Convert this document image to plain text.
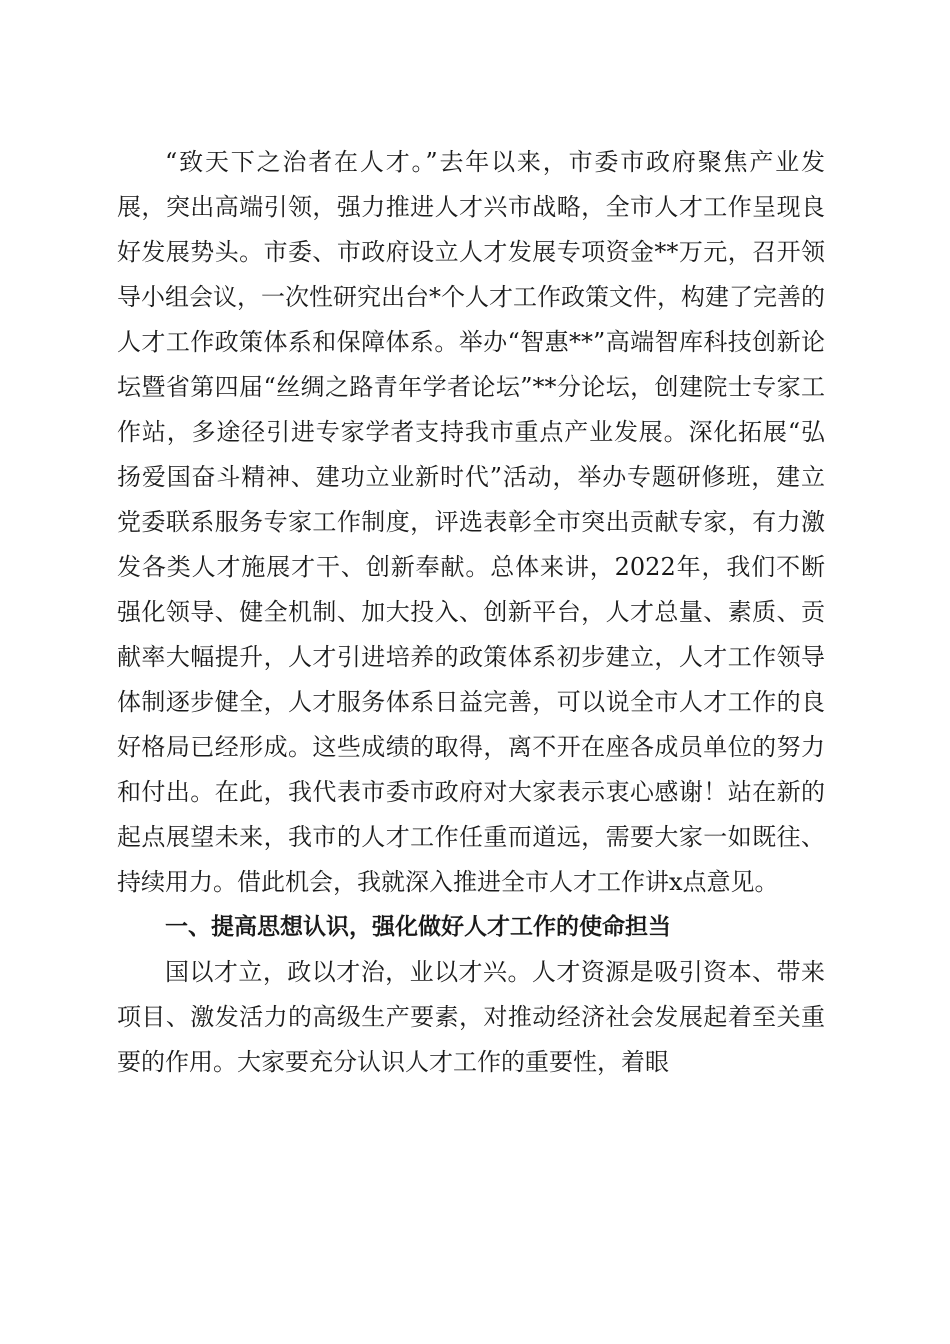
“致天下之治者在人才。”去年以来，市委市政府聚焦产业发展，突出高端引领，强力推进人才兴市战略，全市人才工作呈现良好发展势头。市委、市政府设立人才发展专项资金**万元，召开领导小组会议，一次性研究出台*个人才工作政策文件，构建了完善的人才工作政策体系和保障体系。举办“智惠**”高端智库科技创新论坛暨省第四届“丝绸之路青年学者论坛”**分论坛，创建院士专家工作站，多途径引进专家学者支持我市重点产业发展。深化拓展“弘扬爱国奋斗精神、建功立业新时代”活动，举办专题研修班，建立党委联系服务专家工作制度，评选表彰全市突出贡献专家，有力激发各类人才施展才干、创新奉献。总体来讲，2022年，我们不断强化领导、健全机制、加大投入、创新平台，人才总量、素质、贡献率大幅提升，人才引进培养的政策体系初步建立，人才工作领导体制逐步健全，人才服务体系日益完善，可以说全市人才工作的良好格局已经形成。这些成绩的取得，离不开在座各成员单位的努力和付出。在此，我代表市委市政府对大家表示衷心感谢！站在新的起点展望未来，我市的人才工作任重而道远，需要大家一如既往、持续用力。借此机会，我就深入推进全市人才工作讲x点意见。

一、提高思想认识，强化做好人才工作的使命担当

国以才立，政以才治，业以才兴。人才资源是吸引资本、带来项目、激发活力的高级生产要素，对推动经济社会发展起着至关重要的作用。大家要充分认识人才工作的重要性，着眼
